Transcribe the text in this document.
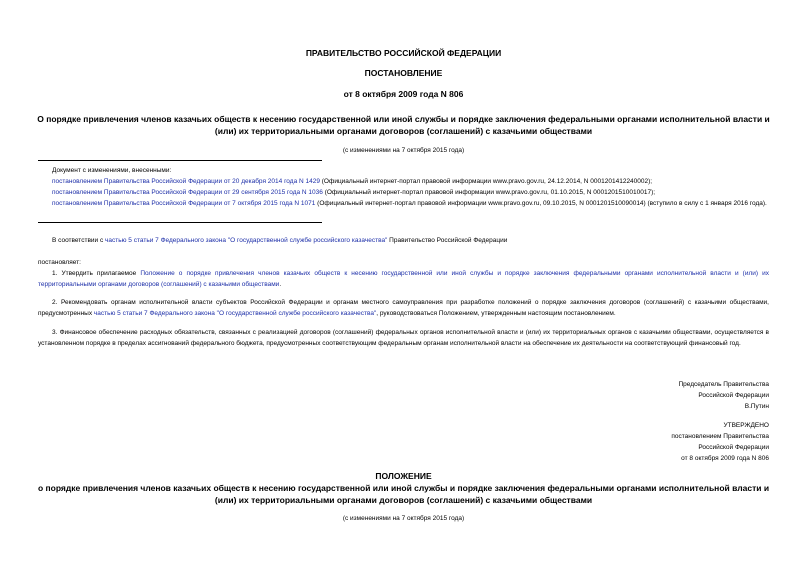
ПРАВИТЕЛЬСТВО РОССИЙСКОЙ ФЕДЕРАЦИИ
ПОСТАНОВЛЕНИЕ
от 8 октября 2009 года N 806
О порядке привлечения членов казачьих обществ к несению государственной или иной службы и порядке заключения федеральными органами исполнительной власти и (или) их территориальными органами договоров (соглашений) с казачьими обществами
(с изменениями на 7 октября 2015 года)
Документ с изменениями, внесенными:
постановлением Правительства Российской Федерации от 20 декабря 2014 года N 1429 (Официальный интернет-портал правовой информации www.pravo.gov.ru, 24.12.2014, N 0001201412240002);
постановлением Правительства Российской Федерации от 29 сентября 2015 года N 1036 (Официальный интернет-портал правовой информации www.pravo.gov.ru, 01.10.2015, N 0001201510010017);
постановлением Правительства Российской Федерации от 7 октября 2015 года N 1071 (Официальный интернет-портал правовой информации www.pravo.gov.ru, 09.10.2015, N 0001201510090014) (вступило в силу с 1 января 2016 года).
В соответствии с частью 5 статьи 7 Федерального закона "О государственной службе российского казачества" Правительство Российской Федерации
постановляет:
1. Утвердить прилагаемое Положение о порядке привлечения членов казачьих обществ к несению государственной или иной службы и порядке заключения федеральными органами исполнительной власти и (или) их территориальными органами договоров (соглашений) с казачьими обществами.
2. Рекомендовать органам исполнительной власти субъектов Российской Федерации и органам местного самоуправления при разработке положений о порядке заключения договоров (соглашений) с казачьими обществами, предусмотренных частью 5 статьи 7 Федерального закона "О государственной службе российского казачества", руководствоваться Положением, утвержденным настоящим постановлением.
3. Финансовое обеспечение расходных обязательств, связанных с реализацией договоров (соглашений) федеральных органов исполнительной власти и (или) их территориальных органов с казачьими обществами, осуществляется в установленном порядке в пределах ассигнований федерального бюджета, предусмотренных соответствующим федеральным органам исполнительной власти на обеспечение их деятельности на соответствующий финансовый год.
Председатель Правительства
Российской Федерации
В.Путин
УТВЕРЖДЕНО
постановлением Правительства
Российской Федерации
от 8 октября 2009 года N 806
ПОЛОЖЕНИЕ
о порядке привлечения членов казачьих обществ к несению государственной или иной службы и порядке заключения федеральными органами исполнительной власти и (или) их территориальными органами договоров (соглашений) с казачьими обществами
(с изменениями на 7 октября 2015 года)
